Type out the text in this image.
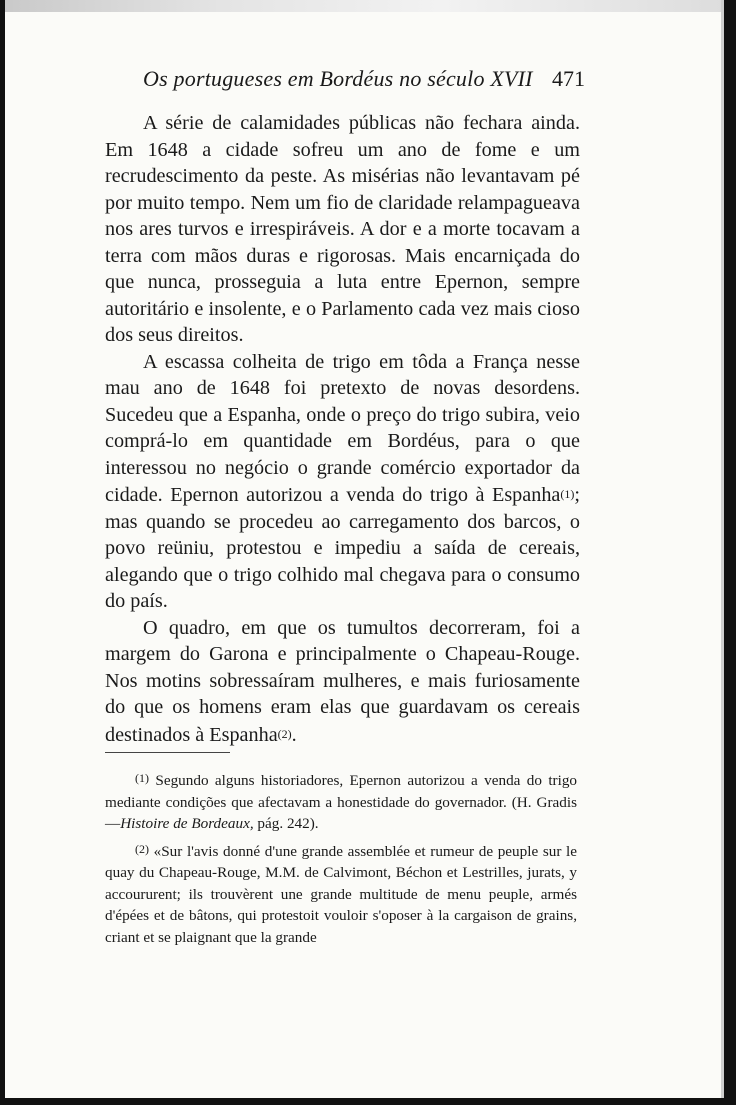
Os portugueses em Bordéus no século XVII 471

A série de calamidades públicas não fechara ainda. Em 1648 a cidade sofreu um ano de fome e um recrudescimento da peste. As misérias não levantavam pé por muito tempo. Nem um fio de claridade relampagueava nos ares turvos e irrespiráveis. A dor e a morte tocavam a terra com mãos duras e rigorosas. Mais encarniçada do que nunca, prosseguia a luta entre Epernon, sempre autoritário e insolente, e o Parlamento cada vez mais cioso dos seus direitos.

A escassa colheita de trigo em tôda a França nesse mau ano de 1648 foi pretexto de novas desordens. Sucedeu que a Espanha, onde o preço do trigo subira, veio comprá-lo em quantidade em Bordéus, para o que interessou no negócio o grande comércio exportador da cidade. Epernon autorizou a venda do trigo à Espanha(1); mas quando se procedeu ao carregamento dos barcos, o povo reüniu, protestou e impediu a saída de cereais, alegando que o trigo colhido mal chegava para o consumo do país.

O quadro, em que os tumultos decorreram, foi a margem do Garona e principalmente o Chapeau-Rouge. Nos motins sobressaíram mulheres, e mais furiosamente do que os homens eram elas que guardavam os cereais destinados à Espanha(2).

(1) Segundo alguns historiadores, Epernon autorizou a venda do trigo mediante condições que afectavam a honestidade do governador. (H. Gradis—Histoire de Bordeaux, pág. 242).

(2) «Sur l'avis donné d'une grande assemblée et rumeur de peuple sur le quay du Chapeau-Rouge, M.M. de Calvimont, Béchon et Lestrilles, jurats, y accoururent; ils trouvèrent une grande multitude de menu peuple, armés d'épées et de bâtons, qui protestoit vouloir s'oposer à la cargaison de grains, criant et se plaignant que la grande
